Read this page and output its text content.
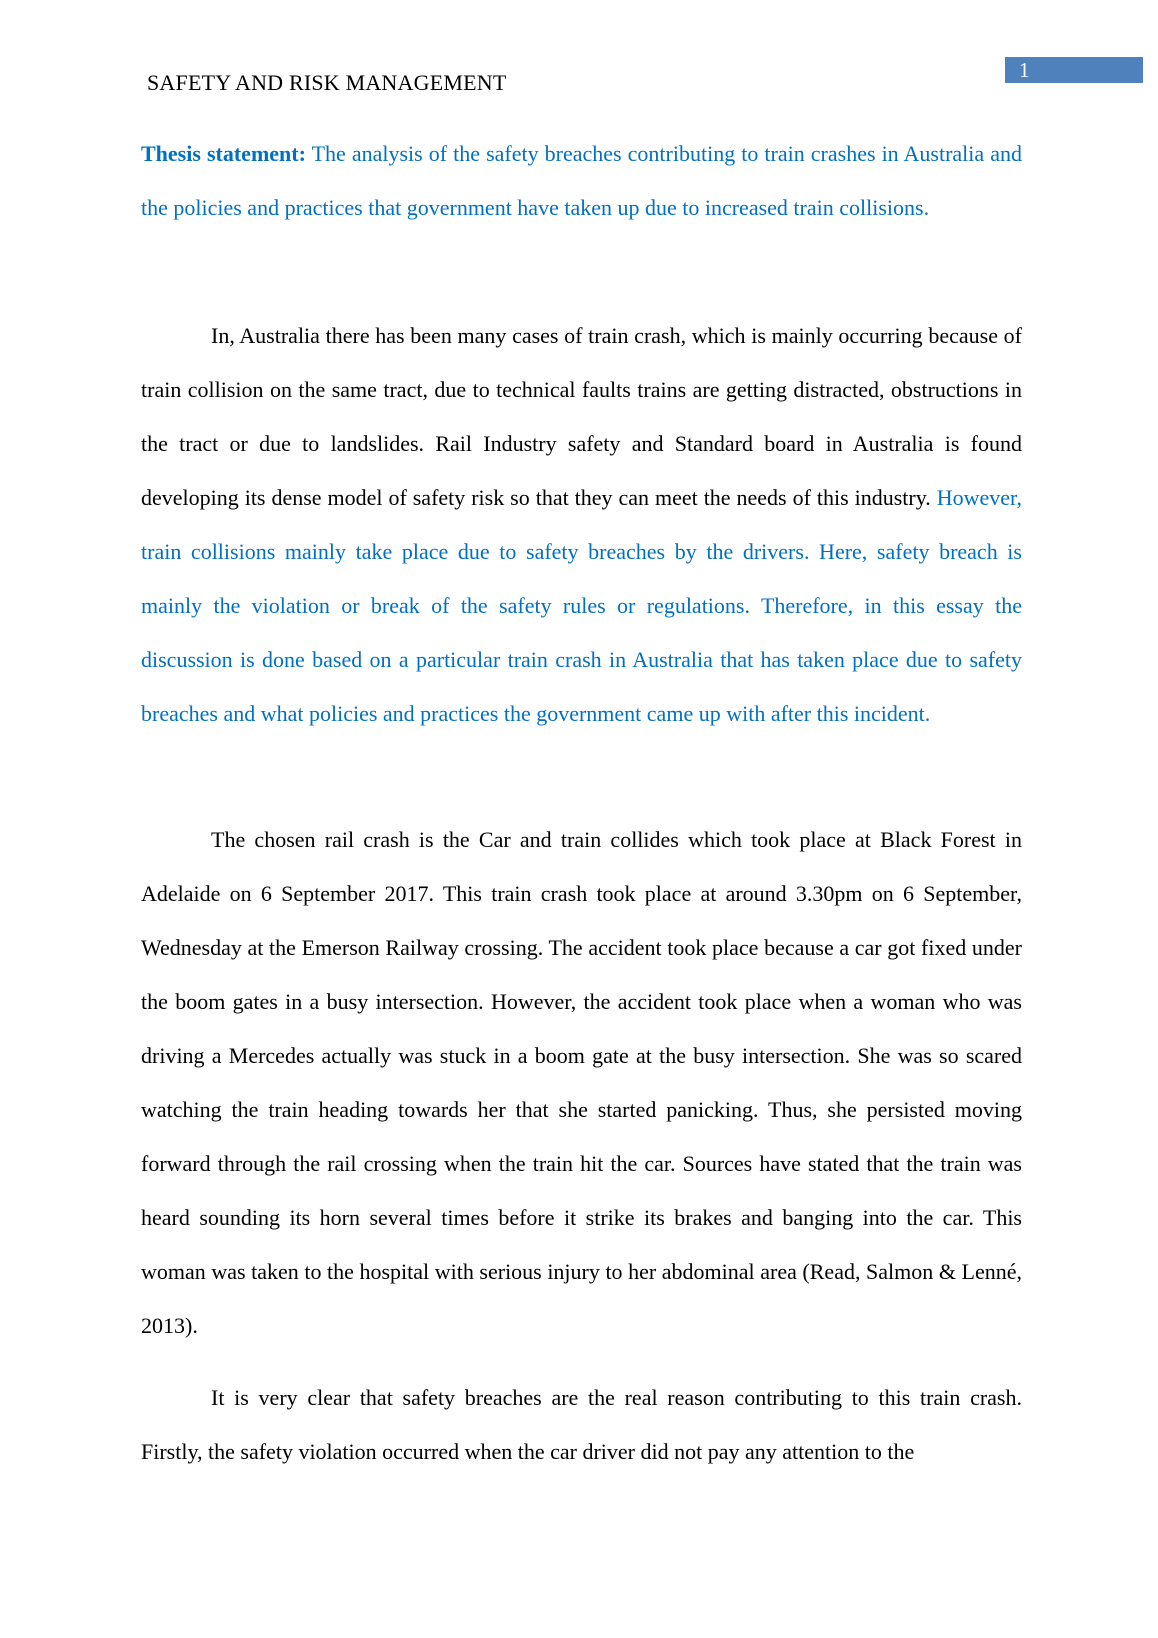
SAFETY AND RISK MANAGEMENT	1

Thesis statement: The analysis of the safety breaches contributing to train crashes in Australia and the policies and practices that government have taken up due to increased train collisions.

In, Australia there has been many cases of train crash, which is mainly occurring because of train collision on the same tract, due to technical faults trains are getting distracted, obstructions in the tract or due to landslides. Rail Industry safety and Standard board in Australia is found developing its dense model of safety risk so that they can meet the needs of this industry. However, train collisions mainly take place due to safety breaches by the drivers. Here, safety breach is mainly the violation or break of the safety rules or regulations. Therefore, in this essay the discussion is done based on a particular train crash in Australia that has taken place due to safety breaches and what policies and practices the government came up with after this incident.

The chosen rail crash is the Car and train collides which took place at Black Forest in Adelaide on 6 September 2017. This train crash took place at around 3.30pm on 6 September, Wednesday at the Emerson Railway crossing. The accident took place because a car got fixed under the boom gates in a busy intersection. However, the accident took place when a woman who was driving a Mercedes actually was stuck in a boom gate at the busy intersection. She was so scared watching the train heading towards her that she started panicking. Thus, she persisted moving forward through the rail crossing when the train hit the car. Sources have stated that the train was heard sounding its horn several times before it strike its brakes and banging into the car. This woman was taken to the hospital with serious injury to her abdominal area (Read, Salmon & Lenné, 2013).

It is very clear that safety breaches are the real reason contributing to this train crash. Firstly, the safety violation occurred when the car driver did not pay any attention to the
